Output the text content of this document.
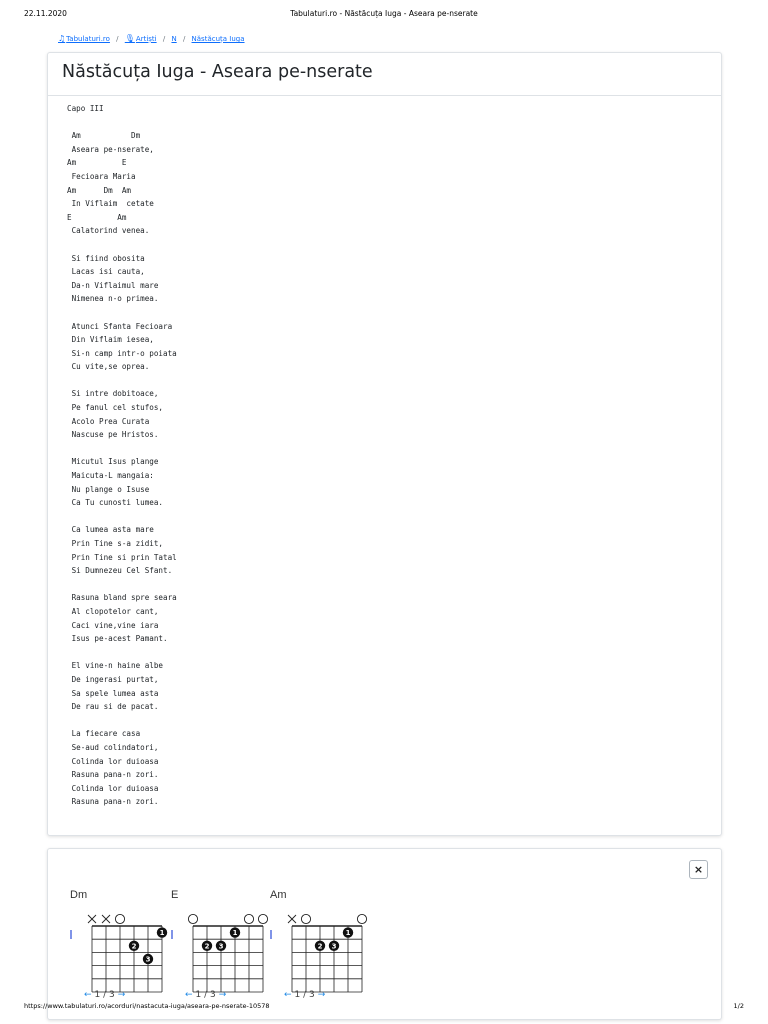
22.11.2020	Tabulaturi.ro - Năstăcuța Iuga - Aseara pe-nserate
♫Tabulaturi.ro / 🎙Artiști / N / Năstăcuța Iuga
Năstăcuța Iuga - Aseara pe-nserate
Capo III

Am           Dm
Aseara pe-nserate,
Am          E
Fecioara Maria
Am      Dm  Am
In Viflaim  cetate
E          Am
Calatorind venea.

Si fiind obosita
Lacas isi cauta,
Da-n Viflaimul mare
Nimenea n-o primea.

Atunci Sfanta Fecioara
Din Viflaim iesea,
Si-n camp intr-o poiata
Cu vite,se oprea.

Si intre dobitoace,
Pe fanul cel stufos,
Acolo Prea Curata
Nascuse pe Hristos.

Micutul Isus plange
Maicuta-L mangaia:
Nu plange o Isuse
Ca Tu cunosti lumea.

Ca lumea asta mare
Prin Tine s-a zidit,
Prin Tine si prin Tatal
Si Dumnezeu Cel Sfant.

Rasuna bland spre seara
Al clopotelor cant,
Caci vine,vine iara
Isus pe-acest Pamant.

El vine-n haine albe
De ingerasi purtat,
Sa spele lumea asta
De rau si de pacat.

La fiecare casa
Se-aud colindatori,
Colinda lor duioasa
Rasuna pana-n zori.
Colinda lor duioasa
Rasuna pana-n zori.
×
Dm
1
2
3
← 1 / 3 →
E
1
2 3
← 1 / 3 →
Am
1
2 3
← 1 / 3 →
https://www.tabulaturi.ro/acorduri/nastacuta-iuga/aseara-pe-nserate-10578	1/2
